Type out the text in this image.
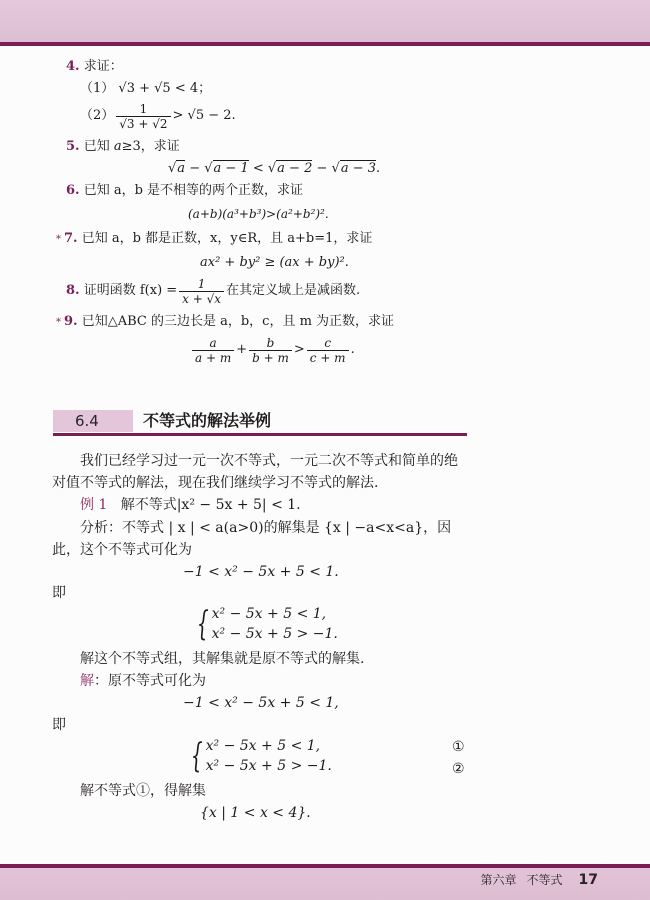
4. 求证：
（1） √3 + √5 < 4；
$(2) \frac{1}{√3 + √2} > √5 - 2$.
5. 已知 a≥3，求证
√a − √a − 1 < √a − 2 − √a − 3.
6. 已知 a，b 是不相等的两个正数，求证
(a+b)(a³+b³)>(a²+b²)².
* 7. 已知 a，b 都是正数，x，y∈R，且 a+b=1，求证
ax² + by² ≥ (ax + by)².
8.
证明函数 $f(x) = \frac{1}{x + √x}$ 在其定义域上是减函数.
* 9. 已知△ABC 的三边长是 a，b，c，且 m 为正数，求证
$\frac{a}{a + m} + \frac{b}{b + m} > \frac{c}{c + m}$ .
6.4	不等式的解法举例
我们已经学习过一元一次不等式，一元二次不等式和简单的绝
对值不等式的解法，现在我们继续学习不等式的解法.
例 1 解不等式|x² − 5x + 5| < 1.
分析：不等式 | x | < a(a>0)的解集是 {x | −a<x<a}，因
此，这个不等式可化为
−1 < x² − 5x + 5 < 1.
即
{ x² − 5x + 5 < 1,
x² − 5x + 5 > −1.
解这个不等式组，其解集就是原不等式的解集.
解：原不等式可化为
−1 < x² − 5x + 5 < 1,
即
{ x² − 5x + 5 < 1,
x² − 5x + 5 > −1.
①
②
解不等式①，得解集
{x | 1 < x < 4}.
第六章 不等式 17
